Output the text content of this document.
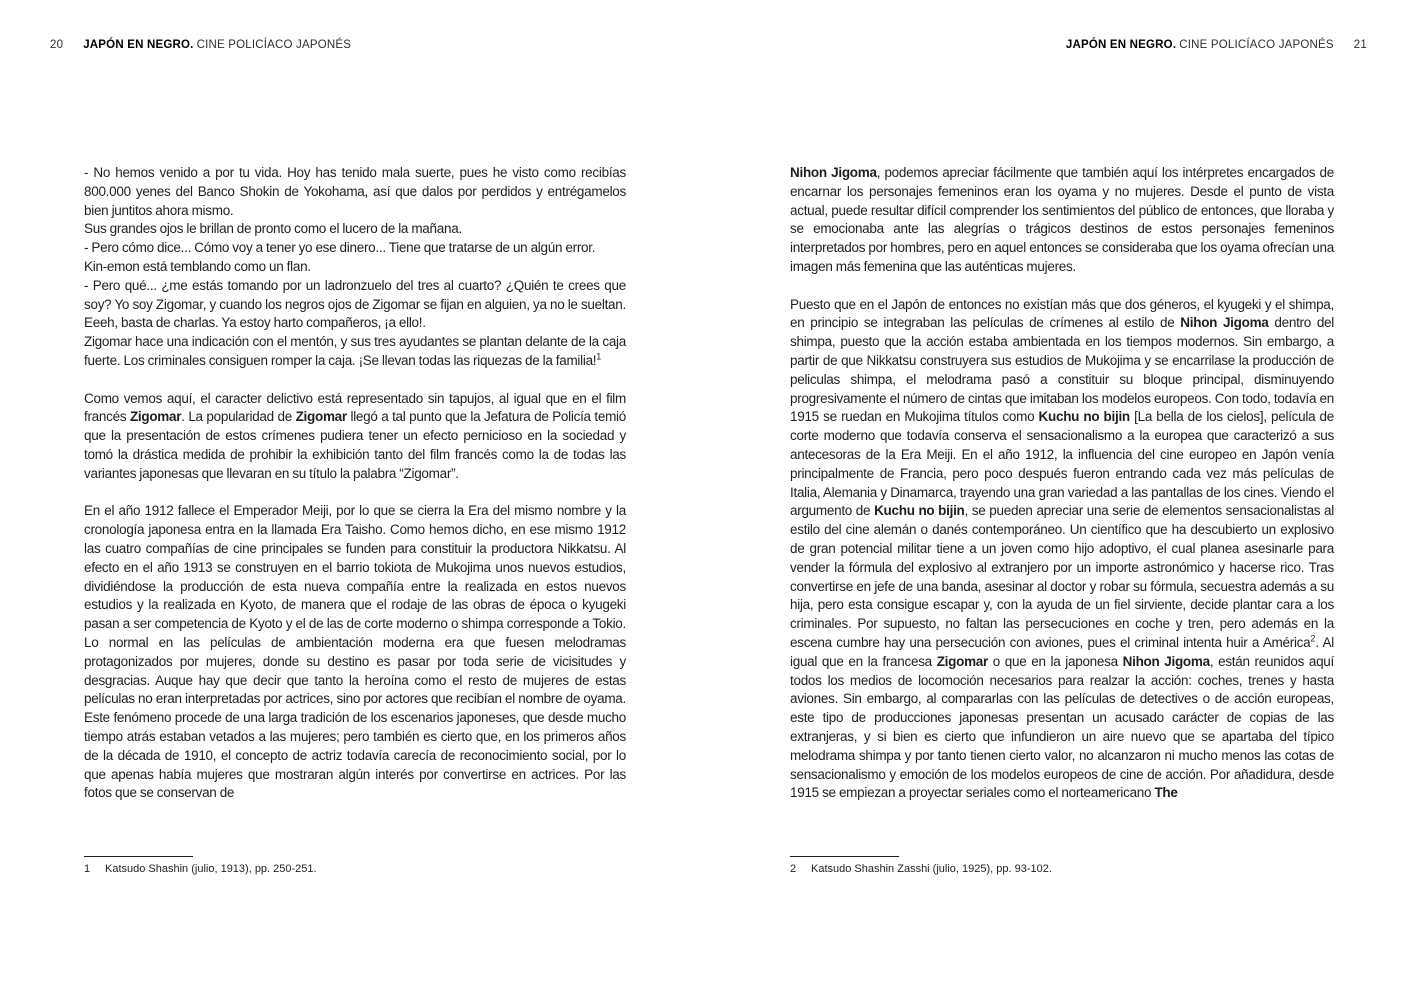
20 JAPÓN EN NEGRO. CINE POLICÍACO JAPONÉS	JAPÓN EN NEGRO. CINE POLICÍACO JAPONÉS 21

- No hemos venido a por tu vida. Hoy has tenido mala suerte, pues he visto como recibías 800.000 yenes del Banco Shokin de Yokohama, así que dalos por perdidos y entrégamelos bien juntitos ahora mismo.
Sus grandes ojos le brillan de pronto como el lucero de la mañana.
- Pero cómo dice... Cómo voy a tener yo ese dinero... Tiene que tratarse de un algún error.
Kin-emon está temblando como un flan.
- Pero qué... ¿me estás tomando por un ladronzuelo del tres al cuarto? ¿Quién te crees que soy? Yo soy Zigomar, y cuando los negros ojos de Zigomar se fijan en alguien, ya no le sueltan. Eeeh, basta de charlas. Ya estoy harto compañeros, ¡a ello!.
Zigomar hace una indicación con el mentón, y sus tres ayudantes se plantan delante de la caja fuerte. Los criminales consiguen romper la caja. ¡Se llevan todas las riquezas de la familia!$^1$

Como vemos aquí, el caracter delictivo está representado sin tapujos, al igual que en el film francés Zigomar. La popularidad de Zigomar llegó a tal punto que la Jefatura de Policía temió que la presentación de estos crímenes pudiera tener un efecto pernicioso en la sociedad y tomó la drástica medida de prohibir la exhibición tanto del film francés como la de todas las variantes japonesas que llevaran en su título la palabra “Zigomar”.

En el año 1912 fallece el Emperador Meiji, por lo que se cierra la Era del mismo nombre y la cronología japonesa entra en la llamada Era Taisho. Como hemos dicho, en ese mismo 1912 las cuatro compañías de cine principales se funden para constituir la productora Nikkatsu. Al efecto en el año 1913 se construyen en el barrio tokiota de Mukojima unos nuevos estudios, dividiéndose la producción de esta nueva compañía entre la realizada en estos nuevos estudios y la realizada en Kyoto, de manera que el rodaje de las obras de época o kyugeki pasan a ser competencia de Kyoto y el de las de corte moderno o shimpa corresponde a Tokio. Lo normal en las películas de ambientación moderna era que fuesen melodramas protagonizados por mujeres, donde su destino es pasar por toda serie de vicisitudes y desgracias. Auque hay que decir que tanto la heroína como el resto de mujeres de estas películas no eran interpretadas por actrices, sino por actores que recibían el nombre de oyama. Este fenómeno procede de una larga tradición de los escenarios japoneses, que desde mucho tiempo atrás estaban vetados a las mujeres; pero también es cierto que, en los primeros años de la década de 1910, el concepto de actriz todavía carecía de reconocimiento social, por lo que apenas había mujeres que mostraran algún interés por convertirse en actrices. Por las fotos que se conservan de

Nihon Jigoma, podemos apreciar fácilmente que también aquí los intérpretes encargados de encarnar los personajes femeninos eran los oyama y no mujeres. Desde el punto de vista actual, puede resultar difícil comprender los sentimientos del público de entonces, que lloraba y se emocionaba ante las alegrías o trágicos destinos de estos personajes femeninos interpretados por hombres, pero en aquel entonces se consideraba que los oyama ofrecían una imagen más femenina que las auténticas mujeres.

Puesto que en el Japón de entonces no existían más que dos géneros, el kyugeki y el shimpa, en principio se integraban las películas de crímenes al estilo de Nihon Jigoma dentro del shimpa, puesto que la acción estaba ambientada en los tiempos modernos. Sin embargo, a partir de que Nikkatsu construyera sus estudios de Mukojima y se encarrilase la producción de peliculas shimpa, el melodrama pasó a constituir su bloque principal, disminuyendo progresivamente el número de cintas que imitaban los modelos europeos. Con todo, todavía en 1915 se ruedan en Mukojima títulos como Kuchu no bijin [La bella de los cielos], película de corte moderno que todavía conserva el sensacionalismo a la europea que caracterizó a sus antecesoras de la Era Meiji. En el año 1912, la influencia del cine europeo en Japón venía principalmente de Francia, pero poco después fueron entrando cada vez más películas de Italia, Alemania y Dinamarca, trayendo una gran variedad a las pantallas de los cines. Viendo el argumento de Kuchu no bijin, se pueden apreciar una serie de elementos sensacionalistas al estilo del cine alemán o danés contemporáneo. Un científico que ha descubierto un explosivo de gran potencial militar tiene a un joven como hijo adoptivo, el cual planea asesinarle para vender la fórmula del explosivo al extranjero por un importe astronómico y hacerse rico. Tras convertirse en jefe de una banda, asesinar al doctor y robar su fórmula, secuestra además a su hija, pero esta consigue escapar y, con la ayuda de un fiel sirviente, decide plantar cara a los criminales. Por supuesto, no faltan las persecuciones en coche y tren, pero además en la escena cumbre hay una persecución con aviones, pues el criminal intenta huir a América$^2$. Al igual que en la francesa Zigomar o que en la japonesa Nihon Jigoma, están reunidos aquí todos los medios de locomoción necesarios para realzar la acción: coches, trenes y hasta aviones. Sin embargo, al compararlas con las películas de detectives o de acción europeas, este tipo de producciones japonesas presentan un acusado carácter de copias de las extranjeras, y si bien es cierto que infundieron un aire nuevo que se apartaba del típico melodrama shimpa y por tanto tienen cierto valor, no alcanzaron ni mucho menos las cotas de sensacionalismo y emoción de los modelos europeos de cine de acción. Por añadidura, desde 1915 se empiezan a proyectar seriales como el norteamericano The

1	Katsudo Shashin (julio, 1913), pp. 250-251.	2	Katsudo Shashin Zasshi (julio, 1925), pp. 93-102.
